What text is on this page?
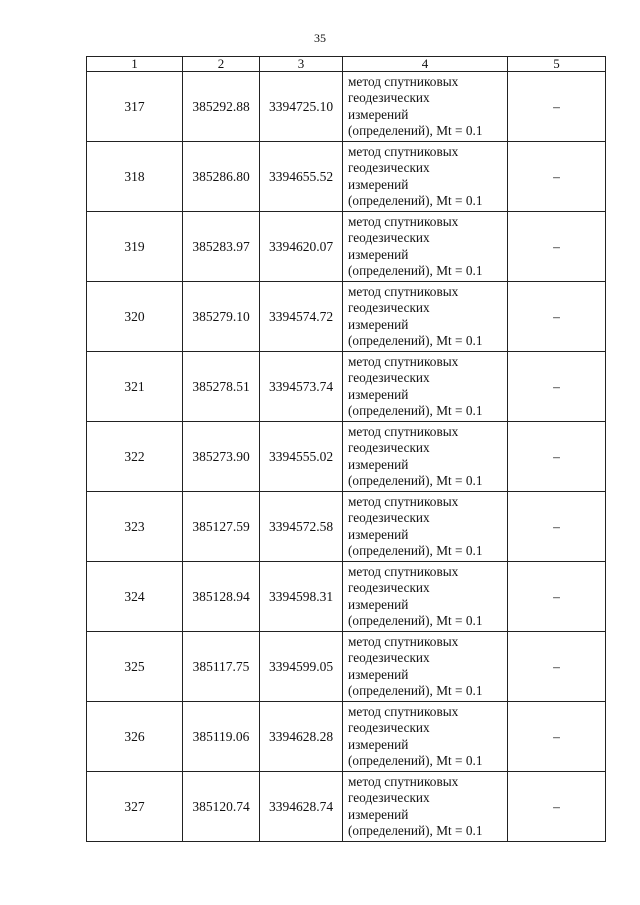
35
1	2	3	4	5
317	385292.88	3394725.10	метод спутниковых
геодезических
измерений
(определений), Mt = 0.1	–
318	385286.80	3394655.52	метод спутниковых
геодезических
измерений
(определений), Mt = 0.1	–
319	385283.97	3394620.07	метод спутниковых
геодезических
измерений
(определений), Mt = 0.1	–
320	385279.10	3394574.72	метод спутниковых
геодезических
измерений
(определений), Mt = 0.1	–
321	385278.51	3394573.74	метод спутниковых
геодезических
измерений
(определений), Mt = 0.1	–
322	385273.90	3394555.02	метод спутниковых
геодезических
измерений
(определений), Mt = 0.1	–
323	385127.59	3394572.58	метод спутниковых
геодезических
измерений
(определений), Mt = 0.1	–
324	385128.94	3394598.31	метод спутниковых
геодезических
измерений
(определений), Mt = 0.1	–
325	385117.75	3394599.05	метод спутниковых
геодезических
измерений
(определений), Mt = 0.1	–
326	385119.06	3394628.28	метод спутниковых
геодезических
измерений
(определений), Mt = 0.1	–
327	385120.74	3394628.74	метод спутниковых
геодезических
измерений
(определений), Mt = 0.1	–
